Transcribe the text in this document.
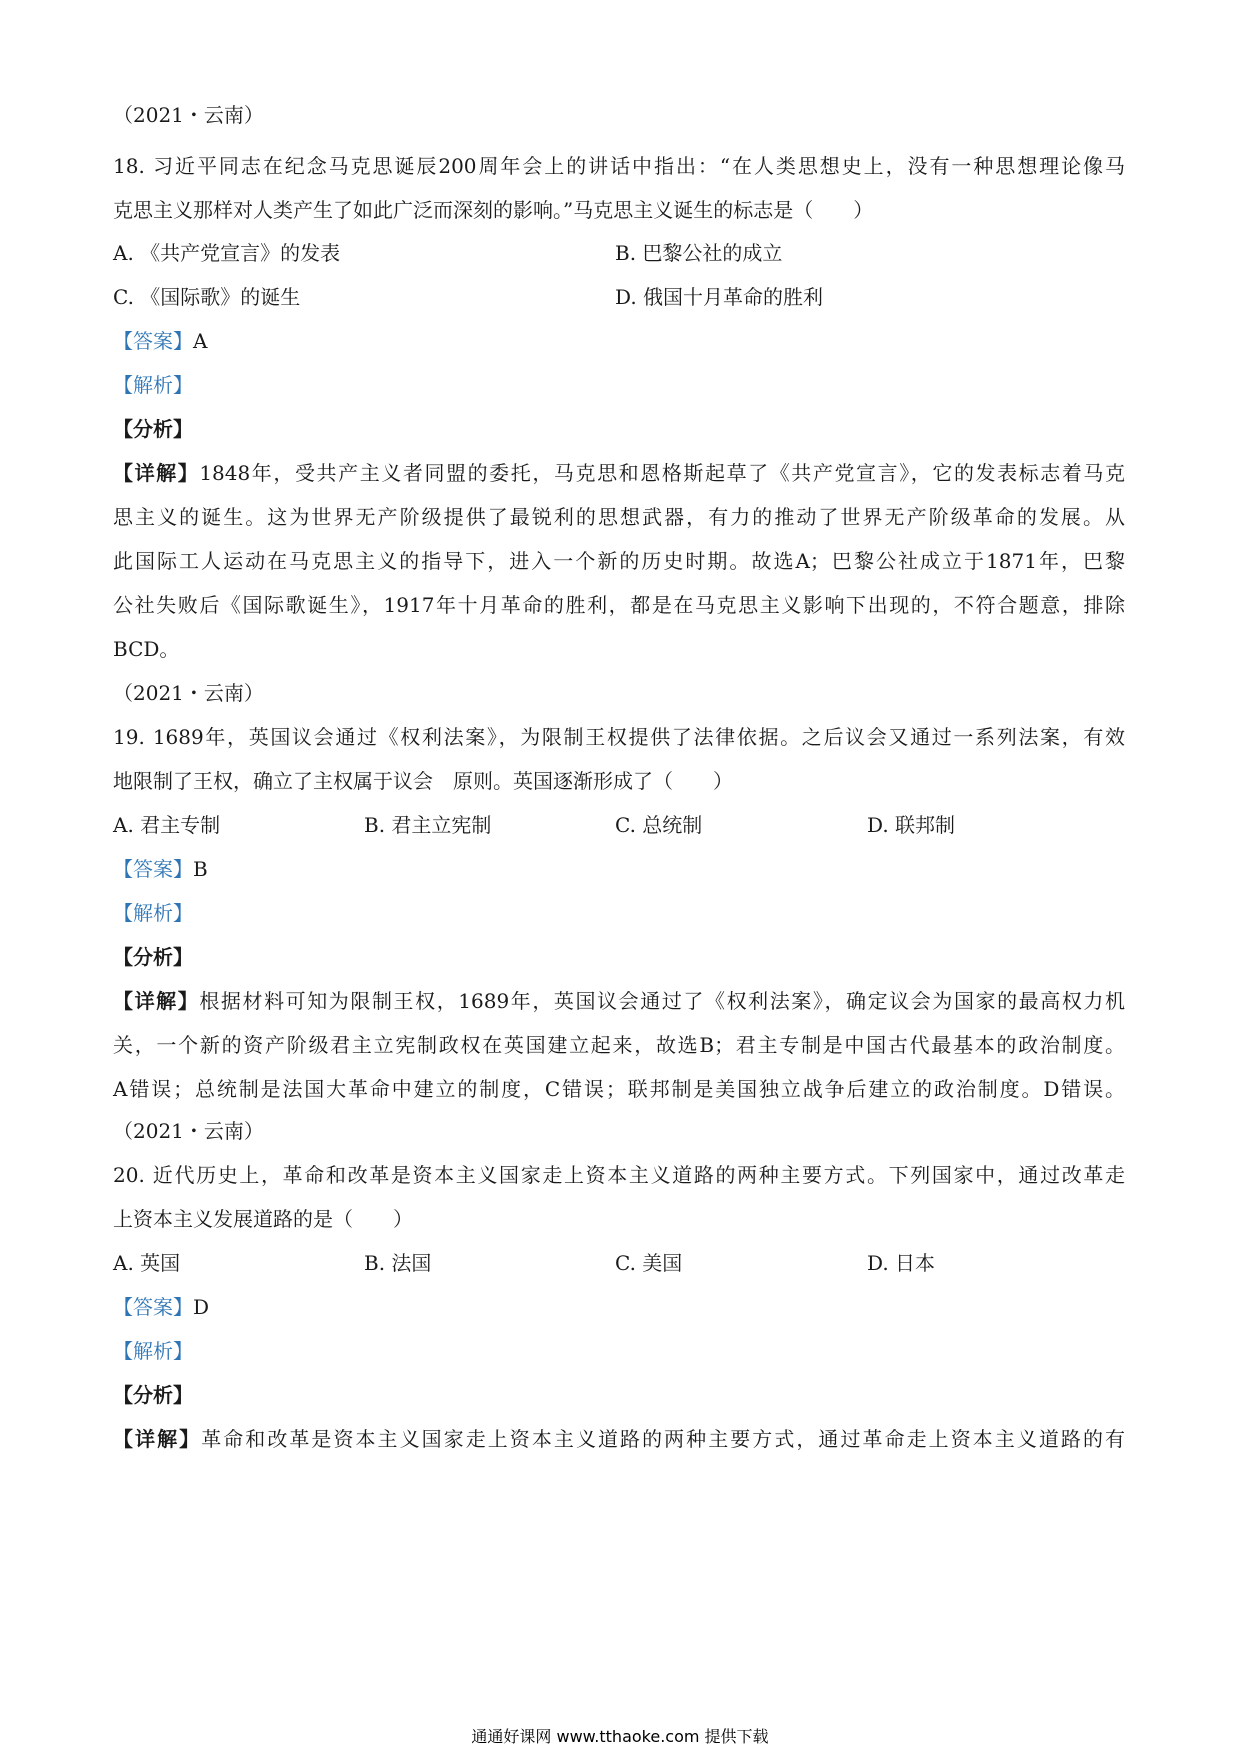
（2021・云南）
18. 习近平同志在纪念马克思诞辰200周年会上的讲话中指出：“在人类思想史上，没有一种思想理论像马
克思主义那样对人类产生了如此广泛而深刻的影响。”马克思主义诞生的标志是（　　）
A. 《共产党宣言》的发表	B. 巴黎公社的成立
C. 《国际歌》的诞生	D. 俄国十月革命的胜利
【答案】A
【解析】
【分析】
【详解】1848年，受共产主义者同盟的委托，马克思和恩格斯起草了《共产党宣言》，它的发表标志着马克
思主义的诞生。这为世界无产阶级提供了最锐利的思想武器，有力的推动了世界无产阶级革命的发展。从
此国际工人运动在马克思主义的指导下，进入一个新的历史时期。故选A；巴黎公社成立于1871年，巴黎
公社失败后《国际歌诞生》，1917年十月革命的胜利，都是在马克思主义影响下出现的，不符合题意，排除
BCD。
（2021・云南）
19. 1689年，英国议会通过《权利法案》，为限制王权提供了法律依据。之后议会又通过一系列法案，有效
地限制了王权，确立了主权属于议会　原则。英国逐渐形成了（　　）
A. 君主专制	B. 君主立宪制	C. 总统制	D. 联邦制
【答案】B
【解析】
【分析】
【详解】根据材料可知为限制王权，1689年，英国议会通过了《权利法案》，确定议会为国家的最高权力机
关，一个新的资产阶级君主立宪制政权在英国建立起来，故选B；君主专制是中国古代最基本的政治制度。
A错误；总统制是法国大革命中建立的制度，C错误；联邦制是美国独立战争后建立的政治制度。D错误。
（2021・云南）
20. 近代历史上，革命和改革是资本主义国家走上资本主义道路的两种主要方式。下列国家中，通过改革走
上资本主义发展道路的是（　　）
A. 英国	B. 法国	C. 美国	D. 日本
【答案】D
【解析】
【分析】
【详解】革命和改革是资本主义国家走上资本主义道路的两种主要方式，通过革命走上资本主义道路的有
通通好课网 www.tthaoke.com 提供下载
